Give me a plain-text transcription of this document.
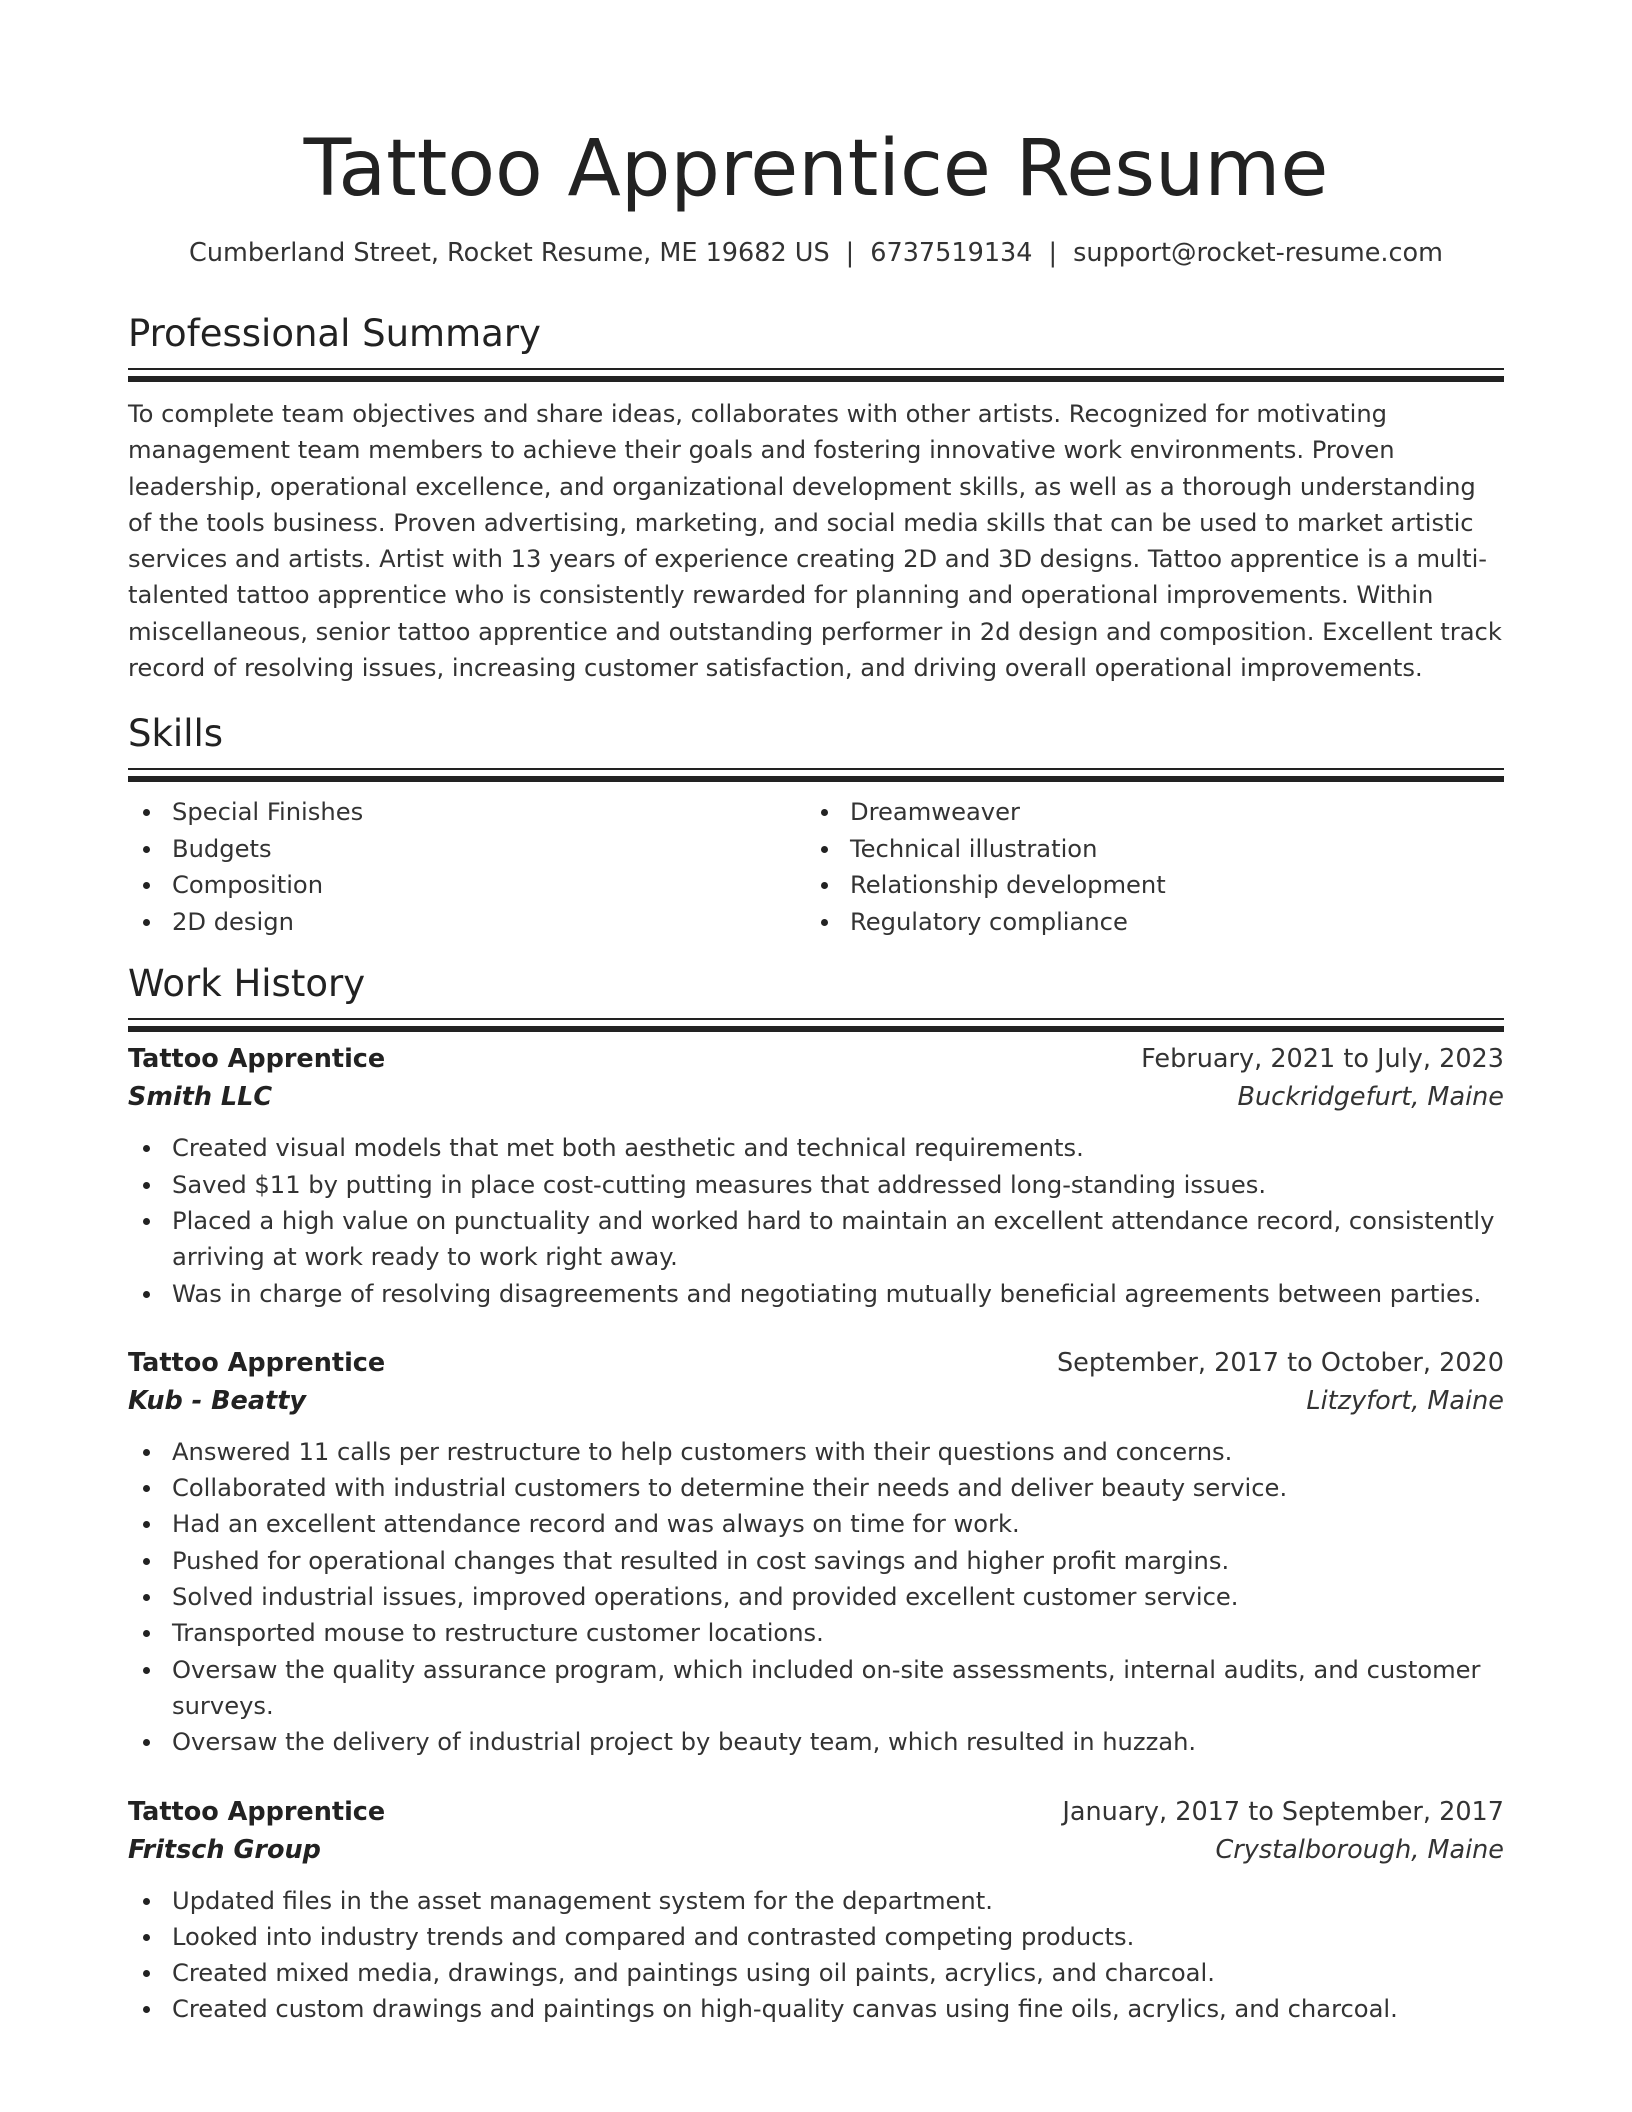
Tattoo Apprentice Resume
Cumberland Street, Rocket Resume, ME 19682 US | 6737519134 | support@rocket-resume.com
Professional Summary
To complete team objectives and share ideas, collaborates with other artists. Recognized for motivating management team members to achieve their goals and fostering innovative work environments. Proven leadership, operational excellence, and organizational development skills, as well as a thorough understanding of the tools business. Proven advertising, marketing, and social media skills that can be used to market artistic services and artists. Artist with 13 years of experience creating 2D and 3D designs. Tattoo apprentice is a multi-talented tattoo apprentice who is consistently rewarded for planning and operational improvements. Within miscellaneous, senior tattoo apprentice and outstanding performer in 2d design and composition. Excellent track record of resolving issues, increasing customer satisfaction, and driving overall operational improvements.
Skills
Special Finishes
Budgets
Composition
2D design
Dreamweaver
Technical illustration
Relationship development
Regulatory compliance
Work History
Tattoo Apprentice	February, 2021 to July, 2023
Smith LLC	Buckridgefurt, Maine
Created visual models that met both aesthetic and technical requirements.
Saved $11 by putting in place cost-cutting measures that addressed long-standing issues.
Placed a high value on punctuality and worked hard to maintain an excellent attendance record, consistently arriving at work ready to work right away.
Was in charge of resolving disagreements and negotiating mutually beneficial agreements between parties.
Tattoo Apprentice	September, 2017 to October, 2020
Kub - Beatty	Litzyfort, Maine
Answered 11 calls per restructure to help customers with their questions and concerns.
Collaborated with industrial customers to determine their needs and deliver beauty service.
Had an excellent attendance record and was always on time for work.
Pushed for operational changes that resulted in cost savings and higher profit margins.
Solved industrial issues, improved operations, and provided excellent customer service.
Transported mouse to restructure customer locations.
Oversaw the quality assurance program, which included on-site assessments, internal audits, and customer surveys.
Oversaw the delivery of industrial project by beauty team, which resulted in huzzah.
Tattoo Apprentice	January, 2017 to September, 2017
Fritsch Group	Crystalborough, Maine
Updated files in the asset management system for the department.
Looked into industry trends and compared and contrasted competing products.
Created mixed media, drawings, and paintings using oil paints, acrylics, and charcoal.
Created custom drawings and paintings on high-quality canvas using fine oils, acrylics, and charcoal.
